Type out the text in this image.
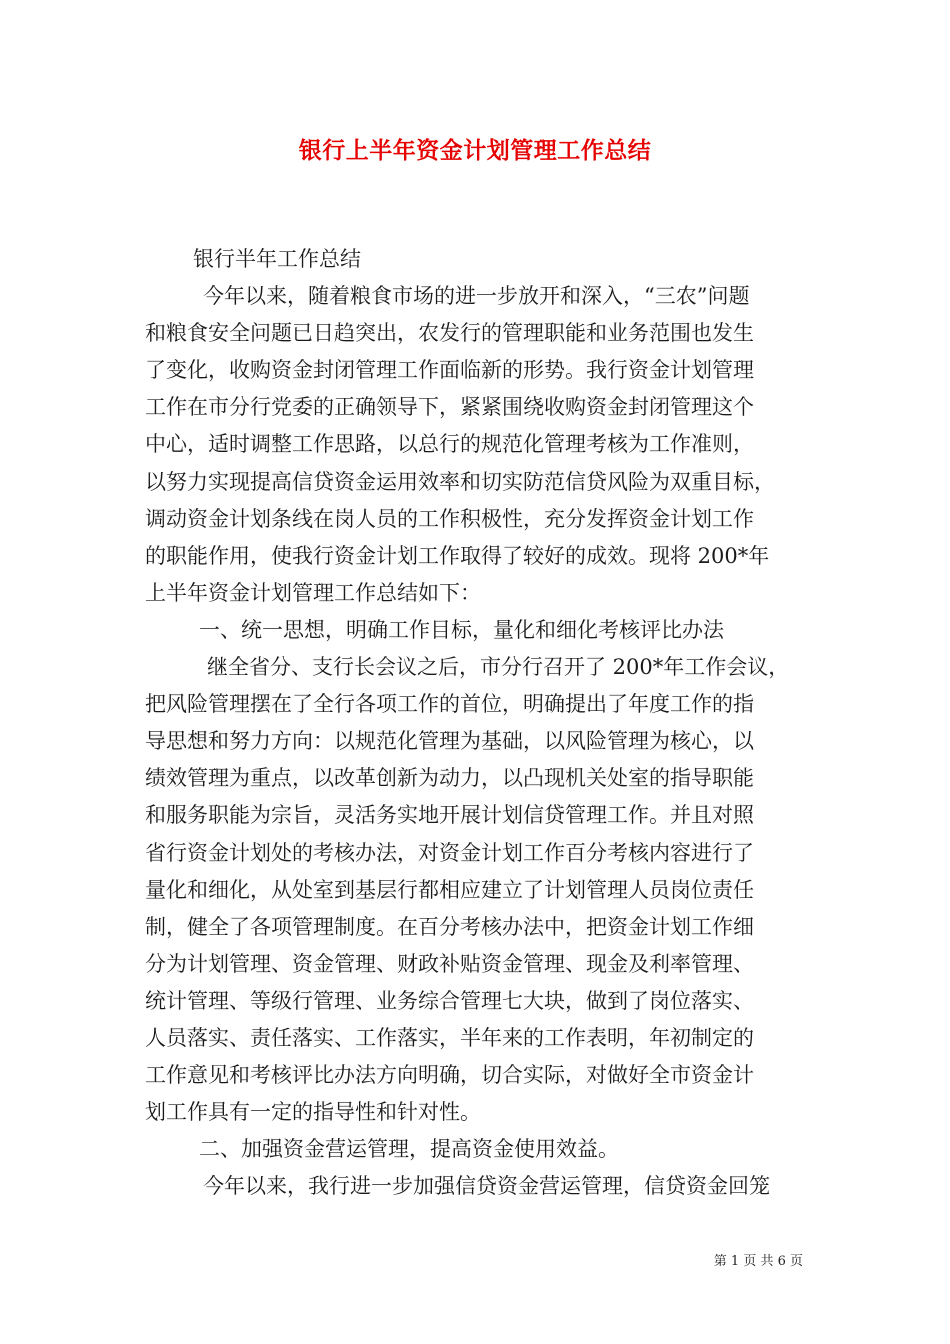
银行上半年资金计划管理工作总结
银行半年工作总结
今年以来，随着粮食市场的进一步放开和深入，“三农”问题
和粮食安全问题已日趋突出，农发行的管理职能和业务范围也发生
了变化，收购资金封闭管理工作面临新的形势。我行资金计划管理
工作在市分行党委的正确领导下，紧紧围绕收购资金封闭管理这个
中心，适时调整工作思路，以总行的规范化管理考核为工作准则，
以努力实现提高信贷资金运用效率和切实防范信贷风险为双重目标，
调动资金计划条线在岗人员的工作积极性，充分发挥资金计划工作
的职能作用，使我行资金计划工作取得了较好的成效。现将 200*年
上半年资金计划管理工作总结如下：
一、统一思想，明确工作目标，量化和细化考核评比办法
继全省分、支行长会议之后，市分行召开了 200*年工作会议，
把风险管理摆在了全行各项工作的首位，明确提出了年度工作的指
导思想和努力方向：以规范化管理为基础，以风险管理为核心，以
绩效管理为重点，以改革创新为动力，以凸现机关处室的指导职能
和服务职能为宗旨，灵活务实地开展计划信贷管理工作。并且对照
省行资金计划处的考核办法，对资金计划工作百分考核内容进行了
量化和细化，从处室到基层行都相应建立了计划管理人员岗位责任
制，健全了各项管理制度。在百分考核办法中，把资金计划工作细
分为计划管理、资金管理、财政补贴资金管理、现金及利率管理、
统计管理、等级行管理、业务综合管理七大块，做到了岗位落实、
人员落实、责任落实、工作落实，半年来的工作表明，年初制定的
工作意见和考核评比办法方向明确，切合实际，对做好全市资金计
划工作具有一定的指导性和针对性。
二、加强资金营运管理，提高资金使用效益。
今年以来，我行进一步加强信贷资金营运管理，信贷资金回笼
第 1 页 共 6 页
